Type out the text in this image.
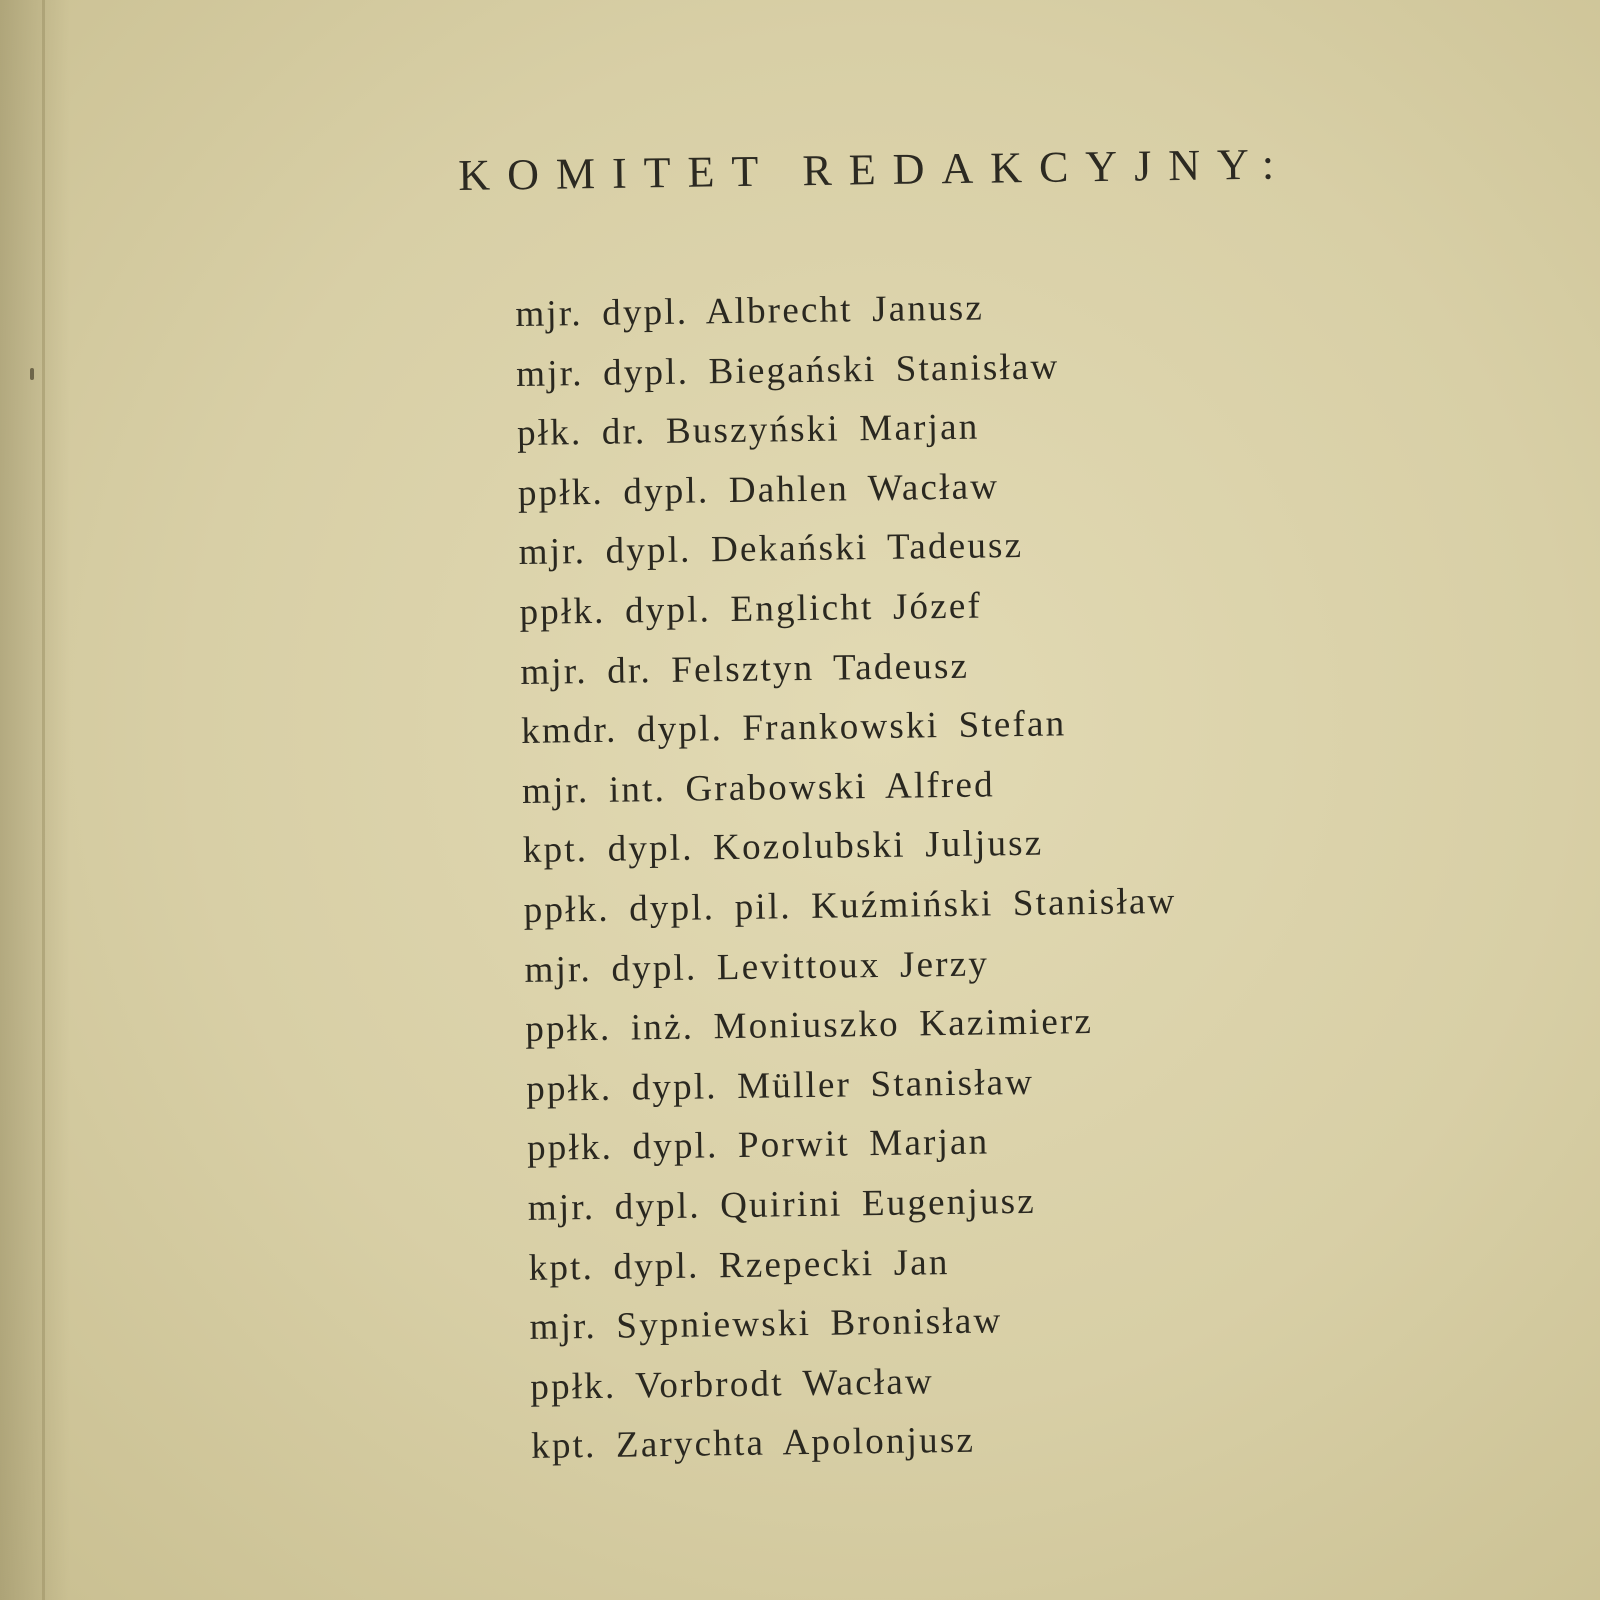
KOMITET REDAKCYJNY:
mjr. dypl. Albrecht Janusz
mjr. dypl. Biegański Stanisław
płk. dr. Buszyński Marjan
ppłk. dypl. Dahlen Wacław
mjr. dypl. Dekański Tadeusz
ppłk. dypl. Englicht Józef
mjr. dr. Felsztyn Tadeusz
kmdr. dypl. Frankowski Stefan
mjr. int. Grabowski Alfred
kpt. dypl. Kozolubski Juljusz
ppłk. dypl. pil. Kuźmiński Stanisław
mjr. dypl. Levittoux Jerzy
ppłk. inż. Moniuszko Kazimierz
ppłk. dypl. Müller Stanisław
ppłk. dypl. Porwit Marjan
mjr. dypl. Quirini Eugenjusz
kpt. dypl. Rzepecki Jan
mjr. Sypniewski Bronisław
ppłk. Vorbrodt Wacław
kpt. Zarychta Apolonjusz
